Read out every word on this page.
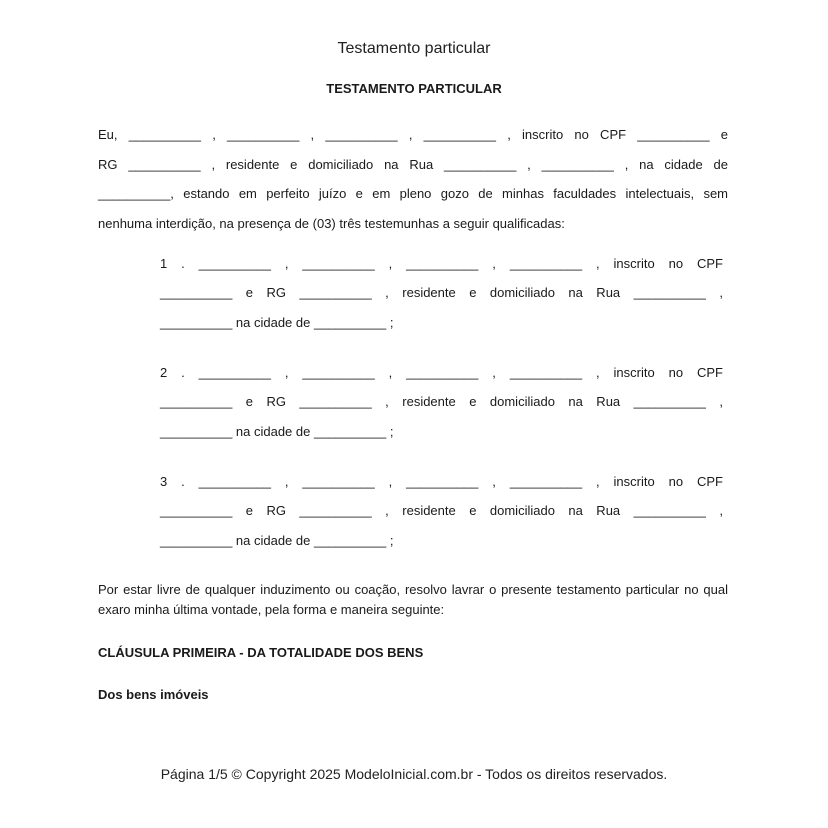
Testamento particular
TESTAMENTO PARTICULAR
Eu, __________ , __________ , __________ , __________ , inscrito no CPF __________ e
RG __________ , residente e domiciliado na Rua __________ , __________ , na cidade de
__________, estando em perfeito juízo e em pleno gozo de minhas faculdades intelectuais, sem
nenhuma interdição, na presença de (03) três testemunhas a seguir qualificadas:
1 . __________ , __________ , __________ , __________ , inscrito no CPF
__________ e RG __________ , residente e domiciliado na Rua __________ ,
__________ na cidade de __________ ;
2 . __________ , __________ , __________ , __________ , inscrito no CPF
__________ e RG __________ , residente e domiciliado na Rua __________ ,
__________ na cidade de __________ ;
3 . __________ , __________ , __________ , __________ , inscrito no CPF
__________ e RG __________ , residente e domiciliado na Rua __________ ,
__________ na cidade de __________ ;
Por estar livre de qualquer induzimento ou coação, resolvo lavrar o presente testamento particular no qual exaro minha última vontade, pela forma e maneira seguinte:
CLÁUSULA PRIMEIRA - DA TOTALIDADE DOS BENS
Dos bens imóveis
Página 1/5 © Copyright 2025 ModeloInicial.com.br - Todos os direitos reservados.
